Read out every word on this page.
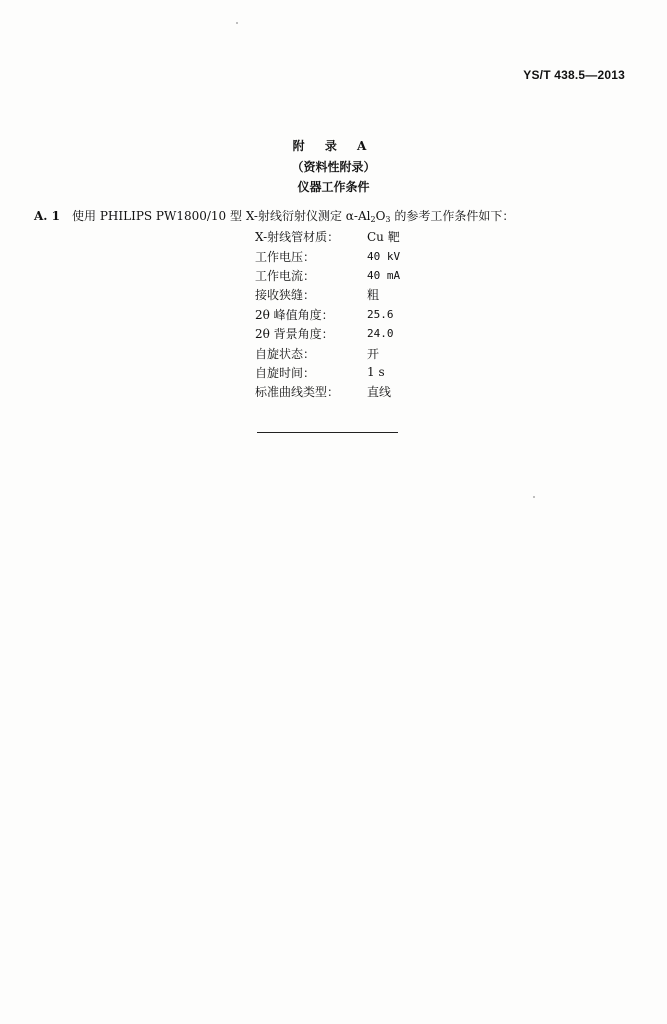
YS/T 438.5—2013
附 录 A
（资料性附录）
仪器工作条件
A. 1 使用 PHILIPS PW1800/10 型 X-射线衍射仪测定 $\alpha-Al_2O_3$ 的参考工作条件如下：
X-射线管材质：	Cu 靶
工作电压：	40 kV
工作电流：	40 mA
接收狭缝：	粗
2θ 峰值角度：	25.6
2θ 背景角度：	24.0
自旋状态：	开
自旋时间：	1 s
标准曲线类型：	直线
